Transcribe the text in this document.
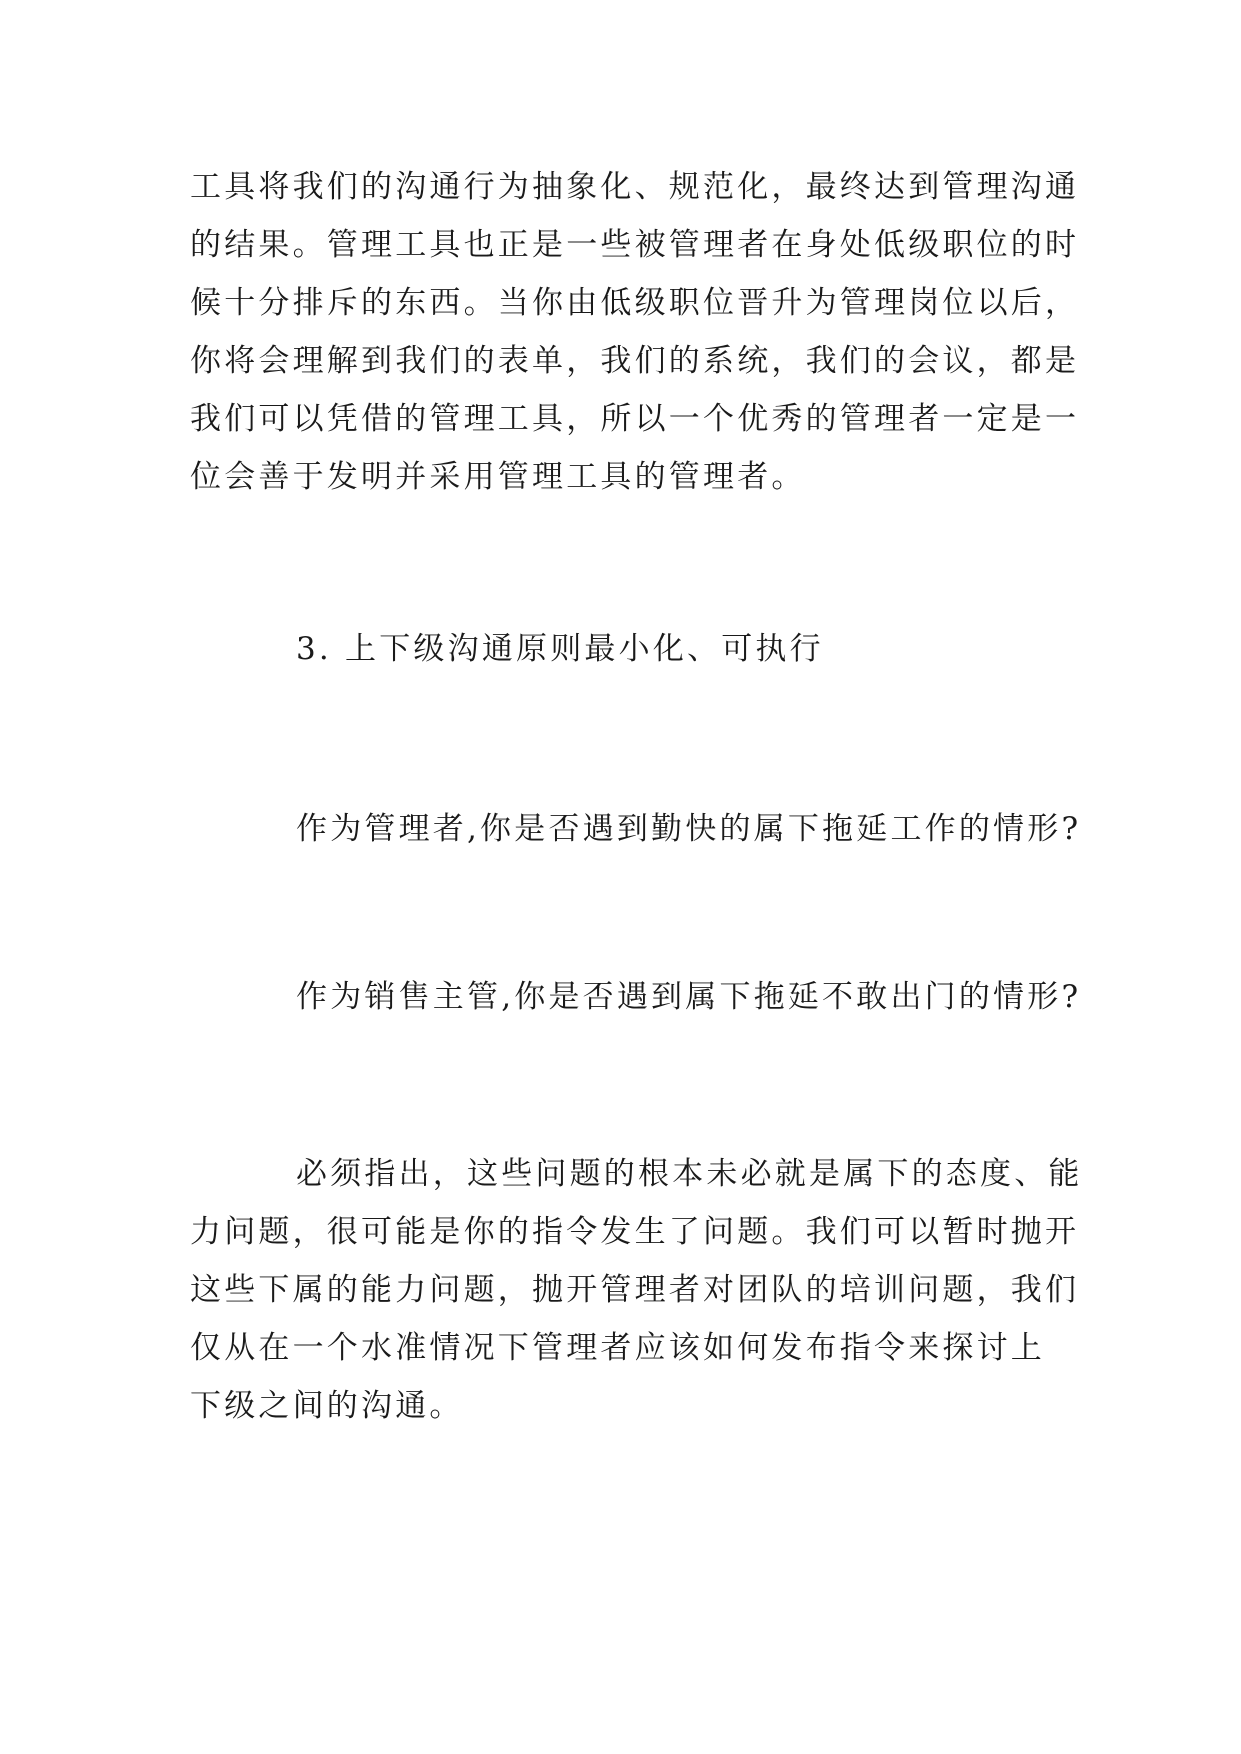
工具将我们的沟通行为抽象化、规范化，最终达到管理沟通
的结果。管理工具也正是一些被管理者在身处低级职位的时
候十分排斥的东西。当你由低级职位晋升为管理岗位以后，
你将会理解到我们的表单，我们的系统，我们的会议，都是
我们可以凭借的管理工具，所以一个优秀的管理者一定是一
位会善于发明并采用管理工具的管理者。
3. 上下级沟通原则最小化、可执行
作为管理者,你是否遇到勤快的属下拖延工作的情形?
作为销售主管,你是否遇到属下拖延不敢出门的情形?
必须指出，这些问题的根本未必就是属下的态度、能
力问题，很可能是你的指令发生了问题。我们可以暂时抛开
这些下属的能力问题，抛开管理者对团队的培训问题，我们
仅从在一个水准情况下管理者应该如何发布指令来探讨上
下级之间的沟通。
